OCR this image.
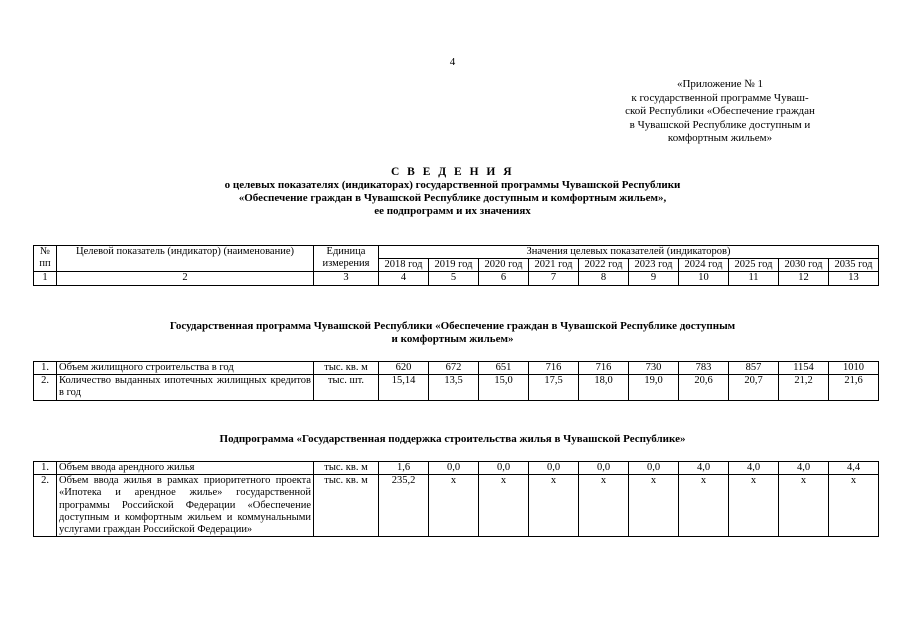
4
«Приложение № 1
к государственной программе Чуваш-
ской Республики «Обеспечение граждан
в Чувашской Республике доступным и
комфортным жильем»
С В Е Д Е Н И Я
о целевых показателях (индикаторах) государственной программы Чувашской Республики
«Обеспечение граждан в Чувашской Республике доступным и комфортным жильем»,
ее подпрограмм и их значениях
№ пп	Целевой показатель (индикатор) (наименование)	Единица измерения	Значения целевых показателей (индикаторов)									
			2018 год	2019 год	2020 год	2021 год	2022 год	2023 год	2024 год	2025 год	2030 год	2035 год
1	2	3	4	5	6	7	8	9	10	11	12	13
Государственная программа Чувашской Республики «Обеспечение граждан в Чувашской Республике доступным
и комфортным жильем»
1.	Объем жилищного строительства в год	тыс. кв. м	620	672	651	716	716	730	783	857	1154	1010
2.	Количество выданных ипотечных жилищных кредитов в год	тыс. шт.	15,14	13,5	15,0	17,5	18,0	19,0	20,6	20,7	21,2	21,6
Подпрограмма «Государственная поддержка строительства жилья в Чувашской Республике»
1.	Объем ввода арендного жилья	тыс. кв. м	1,6	0,0	0,0	0,0	0,0	0,0	4,0	4,0	4,0	4,4
2.	Объем ввода жилья в рамках приоритетного проекта «Ипотека и арендное жилье» государственной программы Российской Федерации «Обеспечение доступным и комфортным жильем и коммунальными услугами граждан Российской Федерации»	тыс. кв. м	235,2	х	х	х	х	х	х	х	х	х
